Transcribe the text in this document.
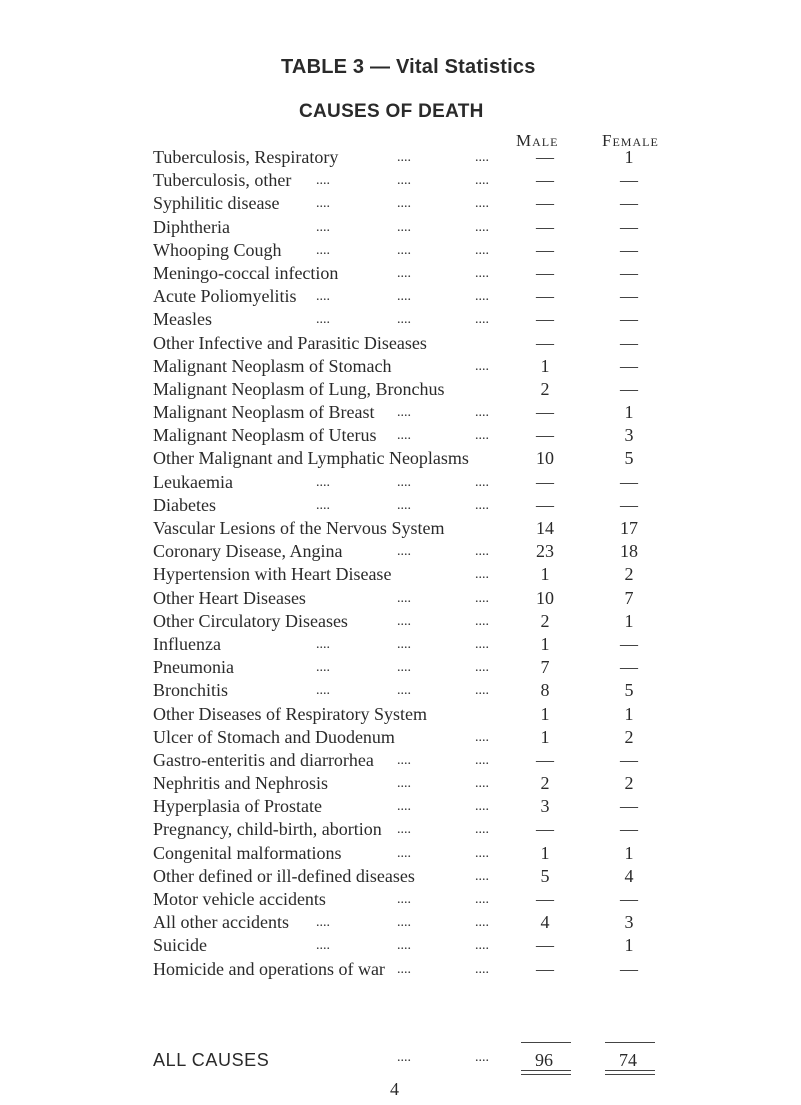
TABLE 3 — Vital Statistics
CAUSES OF DEATH
Male	Female
Tuberculosis, Respiratory	....	....	—	1
Tuberculosis, other ....	....	....	—	—
Syphilitic disease	....	....	....	—	—
Diphtheria	....	....	....	—	—
Whooping Cough ....	....	....	—	—
Meningo-coccal infection	....	....	—	—
Acute Poliomyelitis ....	....	....	—	—
Measles	....	....	....	—	—
Other Infective and Parasitic Diseases	—	—
Malignant Neoplasm of Stomach	....	1	—
Malignant Neoplasm of Lung, Bronchus	2	—
Malignant Neoplasm of Breast ....	....	—	1
Malignant Neoplasm of Uterus ....	....	—	3
Other Malignant and Lymphatic Neoplasms	10	5
Leukaemia	....	....	....	—	—
Diabetes	....	....	....	—	—
Vascular Lesions of the Nervous System	14	17
Coronary Disease, Angina	....	....	23	18
Hypertension with Heart Disease	....	1	2
Other Heart Diseases	....	....	10	7
Other Circulatory Diseases	....	....	2	1
Influenza	....	....	....	1	—
Pneumonia	....	....	....	7	—
Bronchitis	....	....	....	8	5
Other Diseases of Respiratory System	1	1
Ulcer of Stomach and Duodenum	....	1	2
Gastro-enteritis and diarrorhea ....	....	—	—
Nephritis and Nephrosis	....	....	2	2
Hyperplasia of Prostate	....	....	3	—
Pregnancy, child-birth, abortion ....	....	—	—
Congenital malformations	....	....	1	1
Other defined or ill-defined diseases	....	5	4
Motor vehicle accidents	....	....	—	—
All other accidents ....	....	....	4	3
Suicide	....	....	....	—	1
Homicide and operations of war ....	....	—	—
ALL CAUSES	....	....	96	74
4
